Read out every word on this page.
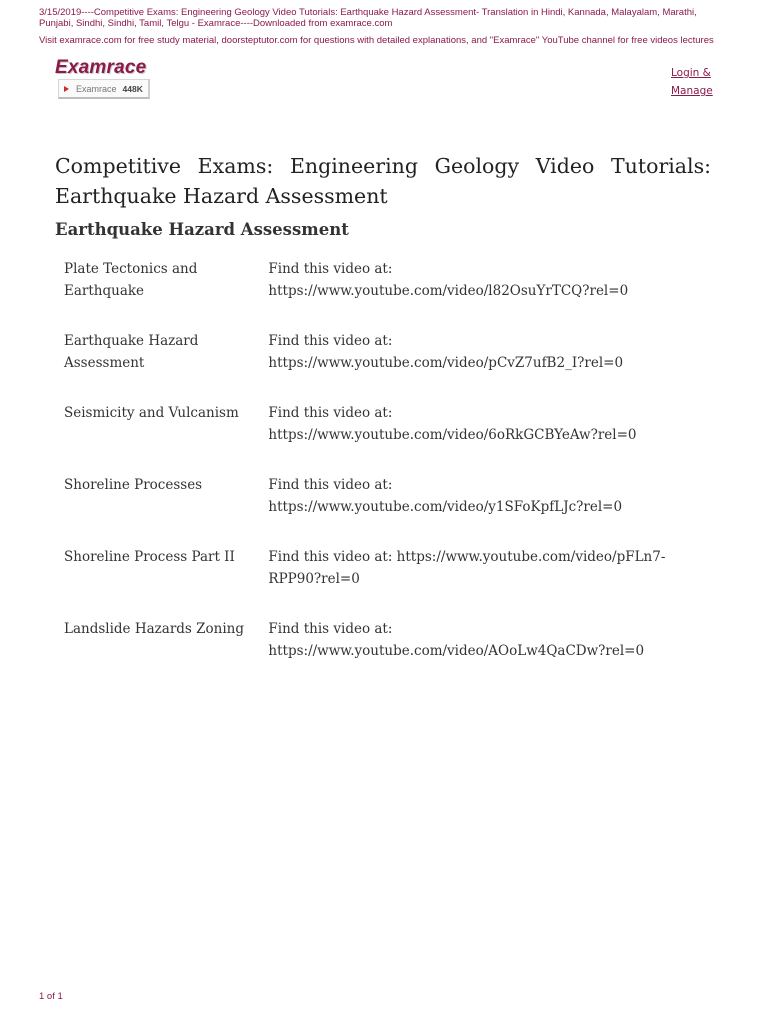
3/15/2019----Competitive Exams: Engineering Geology Video Tutorials: Earthquake Hazard Assessment- Translation in Hindi, Kannada, Malayalam, Marathi, Punjabi, Sindhi, Sindhi, Tamil, Telgu - Examrace----Downloaded from examrace.com

Visit examrace.com for free study material, doorsteptutor.com for questions with detailed explanations, and "Examrace" YouTube channel for free videos lectures

Examrace
Examrace 448K
Login & Manage
Competitive Exams: Engineering Geology Video Tutorials: Earthquake Hazard Assessment
Earthquake Hazard Assessment
Plate Tectonics and Earthquake	Find this video at: https://www.youtube.com/video/l82OsuYrTCQ?rel=0
Earthquake Hazard Assessment	Find this video at: https://www.youtube.com/video/pCvZ7ufB2_I?rel=0
Seismicity and Vulcanism	Find this video at: https://www.youtube.com/video/6oRkGCBYeAw?rel=0
Shoreline Processes	Find this video at: https://www.youtube.com/video/y1SFoKpfLJc?rel=0
Shoreline Process Part II	Find this video at: https://www.youtube.com/video/pFLn7-RPP90?rel=0
Landslide Hazards Zoning	Find this video at: https://www.youtube.com/video/AOoLw4QaCDw?rel=0
1 of 1
